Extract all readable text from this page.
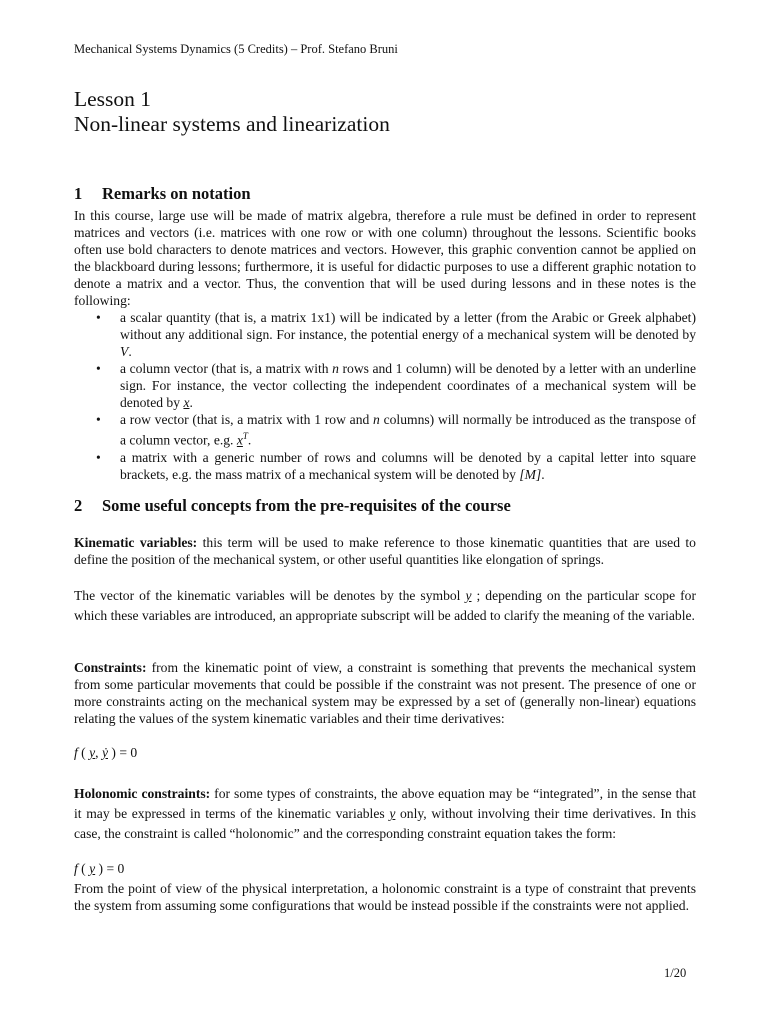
Mechanical Systems Dynamics (5 Credits) – Prof. Stefano Bruni
Lesson 1
Non-linear systems and linearization
1 Remarks on notation

In this course, large use will be made of matrix algebra, therefore a rule must be defined in order to represent matrices and vectors (i.e. matrices with one row or with one column) throughout the lessons. Scientific books often use bold characters to denote matrices and vectors. However, this graphic convention cannot be applied on the blackboard during lessons; furthermore, it is useful for didactic purposes to use a different graphic notation to denote a matrix and a vector. Thus, the convention that will be used during lessons and in these notes is the following:

• a scalar quantity (that is, a matrix 1x1) will be indicated by a letter (from the Arabic or Greek alphabet) without any additional sign. For instance, the potential energy of a mechanical system will be denoted by V.
• a column vector (that is, a matrix with n rows and 1 column) will be denoted by a letter with an underline sign. For instance, the vector collecting the independent coordinates of a mechanical system will be denoted by x.
• a row vector (that is, a matrix with 1 row and n columns) will normally be introduced as the transpose of a column vector, e.g. $x^T$.
• a matrix with a generic number of rows and columns will be denoted by a capital letter into square brackets, e.g. the mass matrix of a mechanical system will be denoted by [M].
2 Some useful concepts from the pre-requisites of the course

Kinematic variables: this term will be used to make reference to those kinematic quantities that are used to define the position of the mechanical system, or other useful quantities like elongation of springs.

The vector of the kinematic variables will be denotes by the symbol y ; depending on the particular scope for which these variables are introduced, an appropriate subscript will be added to clarify the meaning of the variable.

Constraints: from the kinematic point of view, a constraint is something that prevents the mechanical system from some particular movements that could be possible if the constraint was not present. The presence of one or more constraints acting on the mechanical system may be expressed by a set of (generally non-linear) equations relating the values of the system kinematic variables and their time derivatives:

f ( y, ẏ ) = 0

Holonomic constraints: for some types of constraints, the above equation may be “integrated”, in the sense that it may be expressed in terms of the kinematic variables y only, without involving their time derivatives. In this case, the constraint is called “holonomic” and the corresponding constraint equation takes the form:

f ( y ) = 0

From the point of view of the physical interpretation, a holonomic constraint is a type of constraint that prevents the system from assuming some configurations that would be instead possible if the constraints were not applied.

1/20
